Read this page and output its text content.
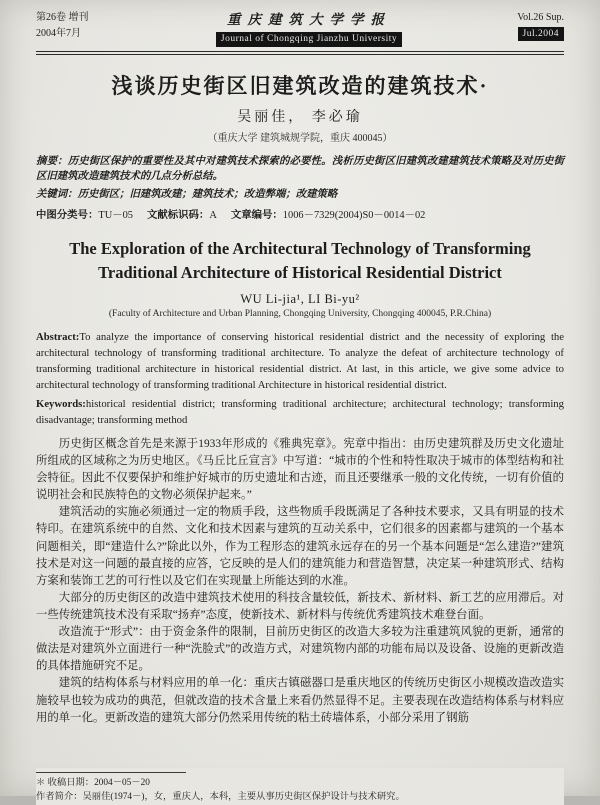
第26卷 增刊
2004年7月
重庆建筑大学学报
Journal of Chongqing Jianzhu University
Vol.26 Sup.
Jul.2004
浅谈历史街区旧建筑改造的建筑技术·
吴丽佳， 李必瑜
（重庆大学 建筑城规学院，重庆 400045）

摘要：历史街区保护的重要性及其中对建筑技术探索的必要性。浅析历史街区旧建筑改建建筑技术策略及对历史街区旧建筑改造建筑技术的几点分析总结。

关键词：历史街区；旧建筑改建；建筑技术；改造弊端；改建策略

中图分类号：TU－05 文献标识码：A 文章编号：1006－7329(2004)S0－0014－02

The Exploration of the Architectural Technology of Transforming Traditional Architecture of Historical Residential District
WU Li-jia¹, LI Bi-yu²
(Faculty of Architecture and Urban Planning, Chongqing University, Chongqing 400045, P.R.China)

Abstract:To analyze the importance of conserving historical residential district and the necessity of exploring the architectural technology of transforming traditional architecture. To analyze the defeat of architecture technology of transforming traditional architecture in historical residential district. At last, in this article, we give some advice to architectural technology of transforming traditional Architecture in historical residential district.

Keywords:historical residential district; transforming traditional architecture; architectural technology; transforming disadvantage; transforming method

历史街区概念首先是来源于1933年形成的《雅典宪章》。宪章中指出：由历史建筑群及历史文化遗址所组成的区域称之为历史地区。《马丘比丘宣言》中写道：“城市的个性和特性取决于城市的体型结构和社会特征。因此不仅要保护和维护好城市的历史遗址和古迹，而且还要继承一般的文化传统，一切有价值的说明社会和民族特色的文物必须保护起来。”

建筑活动的实施必须通过一定的物质手段，这些物质手段既满足了各种技术要求，又具有明显的技术特印。在建筑系统中的自然、文化和技术因素与建筑的互动关系中，它们很多的因素都与建筑的一个基本问题相关，即“建造什么?”除此以外，作为工程形态的建筑永远存在的另一个基本问题是“怎么建造?”建筑技术是对这一问题的最直接的应答，它反映的是人们的建筑能力和营造智慧，决定某一种建筑形式、结构方案和装饰工艺的可行性以及它们在实现量上所能达到的水准。

大部分的历史街区的改造中建筑技术使用的科技含量较低，新技术、新材料、新工艺的应用滞后。对一些传统建筑技术没有采取“扬弃”态度，使新技术、新材料与传统优秀建筑技术难登台面。

改造流于“形式”：由于资金条件的限制，目前历史街区的改造大多较为注重建筑风貌的更新，通常的做法是对建筑外立面进行一种“洗脸式”的改造方式，对建筑物内部的功能布局以及设备、设施的更新改造的具体措施研究不足。

建筑的结构体系与材料应用的单一化：重庆古镇磁器口是重庆地区的传统历史街区小规模改造改造实施较早也较为成功的典范，但就改造的技术含量上来看仍然显得不足。主要表现在改造结构体系与材料应用的单一化。更新改造的建筑大部分仍然采用传统的粘土砖墙体系，小部分采用了钢筋

＊ 收稿日期：2004－05－20
作者简介：吴丽佳(1974－)，女，重庆人，本科，主要从事历史街区保护设计与技术研究。
